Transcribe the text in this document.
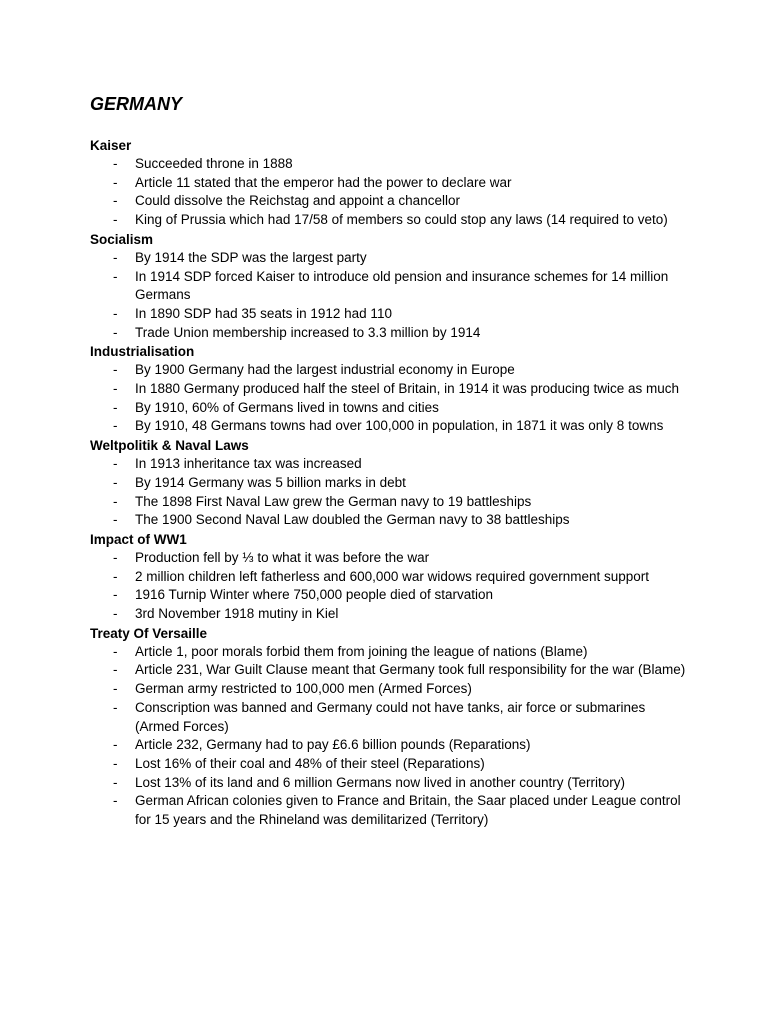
GERMANY
Kaiser
- Succeeded throne in 1888
- Article 11 stated that the emperor had the power to declare war
- Could dissolve the Reichstag and appoint a chancellor
- King of Prussia which had 17/58 of members so could stop any laws (14 required to veto)
Socialism
- By 1914 the SDP was the largest party
- In 1914 SDP forced Kaiser to introduce old pension and insurance schemes for 14 million Germans
- In 1890 SDP had 35 seats in 1912 had 110
- Trade Union membership increased to 3.3 million by 1914
Industrialisation
- By 1900 Germany had the largest industrial economy in Europe
- In 1880 Germany produced half the steel of Britain, in 1914 it was producing twice as much
- By 1910, 60% of Germans lived in towns and cities
- By 1910, 48 Germans towns had over 100,000 in population, in 1871 it was only 8 towns
Weltpolitik & Naval Laws
- In 1913 inheritance tax was increased
- By 1914 Germany was 5 billion marks in debt
- The 1898 First Naval Law grew the German navy to 19 battleships
- The 1900 Second Naval Law doubled the German navy to 38 battleships
Impact of WW1
- Production fell by ⅓ to what it was before the war
- 2 million children left fatherless and 600,000 war widows required government support
- 1916 Turnip Winter where 750,000 people died of starvation
- 3rd November 1918 mutiny in Kiel
Treaty Of Versaille
- Article 1, poor morals forbid them from joining the league of nations (Blame)
- Article 231, War Guilt Clause meant that Germany took full responsibility for the war (Blame)
- German army restricted to 100,000 men (Armed Forces)
- Conscription was banned and Germany could not have tanks, air force or submarines (Armed Forces)
- Article 232, Germany had to pay £6.6 billion pounds (Reparations)
- Lost 16% of their coal and 48% of their steel (Reparations)
- Lost 13% of its land and 6 million Germans now lived in another country (Territory)
- German African colonies given to France and Britain, the Saar placed under League control for 15 years and the Rhineland was demilitarized (Territory)
